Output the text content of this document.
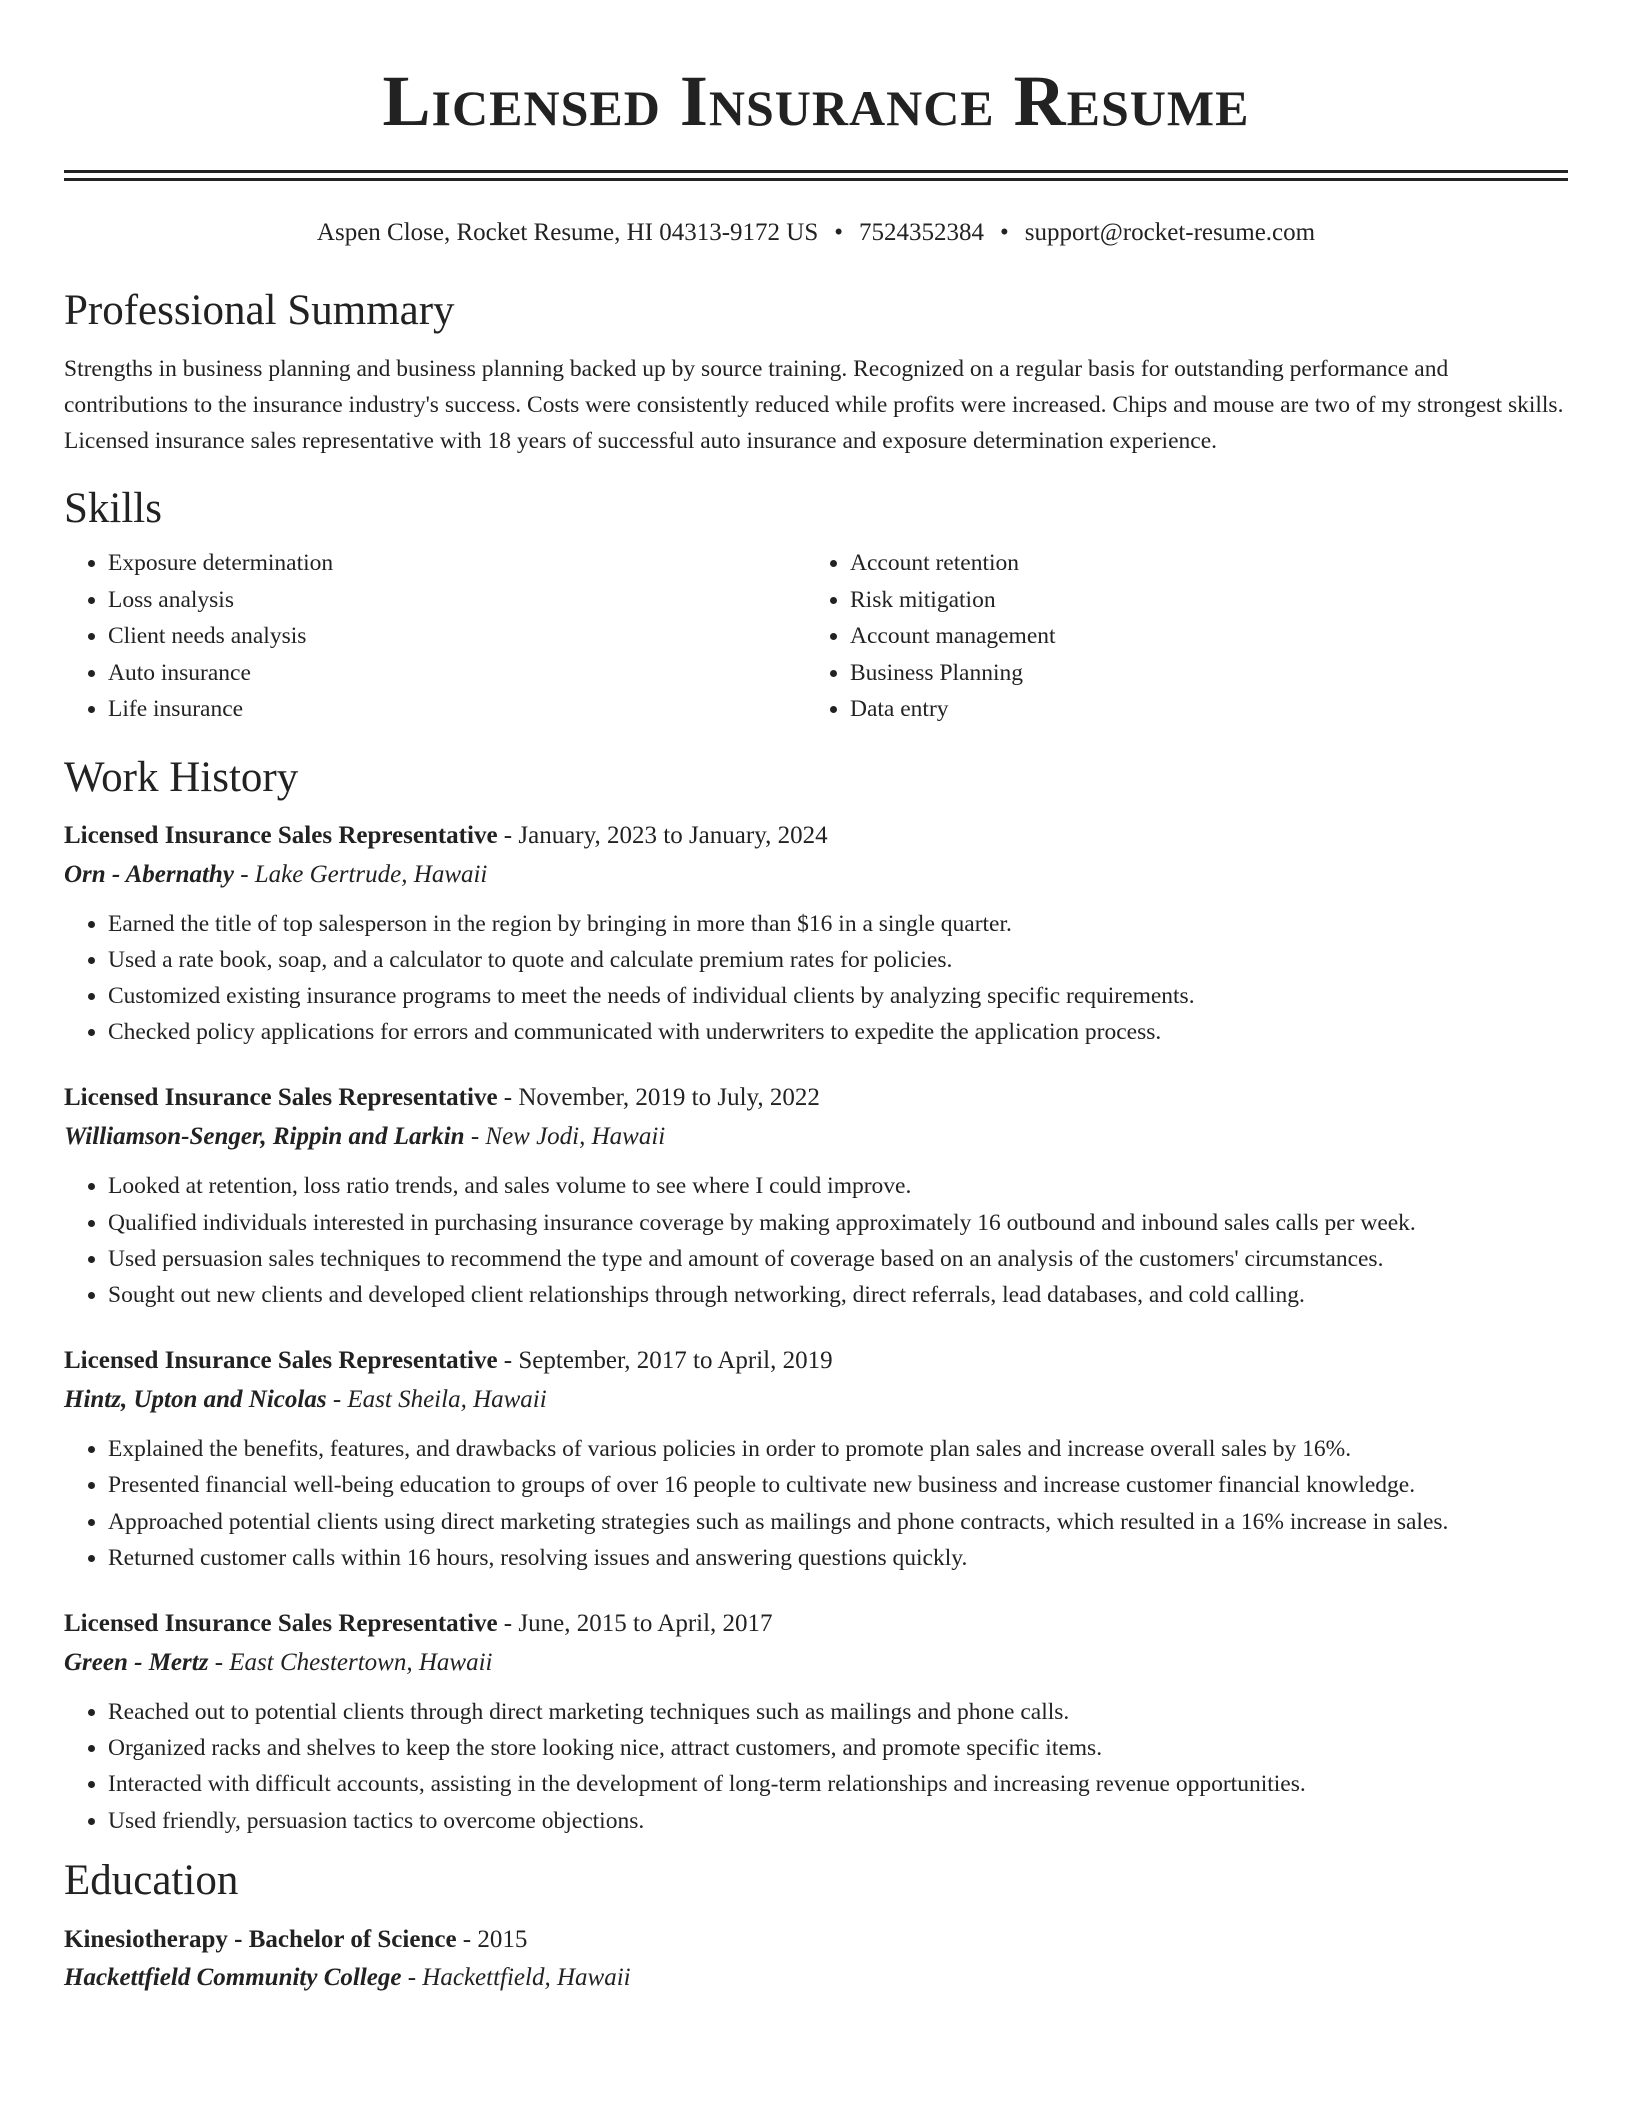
Licensed Insurance Resume
Aspen Close, Rocket Resume, HI 04313-9172 US • 7524352384 • support@rocket-resume.com
Professional Summary
Strengths in business planning and business planning backed up by source training. Recognized on a regular basis for outstanding performance and contributions to the insurance industry's success. Costs were consistently reduced while profits were increased. Chips and mouse are two of my strongest skills. Licensed insurance sales representative with 18 years of successful auto insurance and exposure determination experience.
Skills
• Exposure determination
• Loss analysis
• Client needs analysis
• Auto insurance
• Life insurance
• Account retention
• Risk mitigation
• Account management
• Business Planning
• Data entry
Work History
Licensed Insurance Sales Representative - January, 2023 to January, 2024
Orn - Abernathy - Lake Gertrude, Hawaii
• Earned the title of top salesperson in the region by bringing in more than $16 in a single quarter.
• Used a rate book, soap, and a calculator to quote and calculate premium rates for policies.
• Customized existing insurance programs to meet the needs of individual clients by analyzing specific requirements.
• Checked policy applications for errors and communicated with underwriters to expedite the application process.
Licensed Insurance Sales Representative - November, 2019 to July, 2022
Williamson-Senger, Rippin and Larkin - New Jodi, Hawaii
• Looked at retention, loss ratio trends, and sales volume to see where I could improve.
• Qualified individuals interested in purchasing insurance coverage by making approximately 16 outbound and inbound sales calls per week.
• Used persuasion sales techniques to recommend the type and amount of coverage based on an analysis of the customers' circumstances.
• Sought out new clients and developed client relationships through networking, direct referrals, lead databases, and cold calling.
Licensed Insurance Sales Representative - September, 2017 to April, 2019
Hintz, Upton and Nicolas - East Sheila, Hawaii
• Explained the benefits, features, and drawbacks of various policies in order to promote plan sales and increase overall sales by 16%.
• Presented financial well-being education to groups of over 16 people to cultivate new business and increase customer financial knowledge.
• Approached potential clients using direct marketing strategies such as mailings and phone contracts, which resulted in a 16% increase in sales.
• Returned customer calls within 16 hours, resolving issues and answering questions quickly.
Licensed Insurance Sales Representative - June, 2015 to April, 2017
Green - Mertz - East Chestertown, Hawaii
• Reached out to potential clients through direct marketing techniques such as mailings and phone calls.
• Organized racks and shelves to keep the store looking nice, attract customers, and promote specific items.
• Interacted with difficult accounts, assisting in the development of long-term relationships and increasing revenue opportunities.
• Used friendly, persuasion tactics to overcome objections.
Education
Kinesiotherapy - Bachelor of Science - 2015
Hackettfield Community College - Hackettfield, Hawaii
